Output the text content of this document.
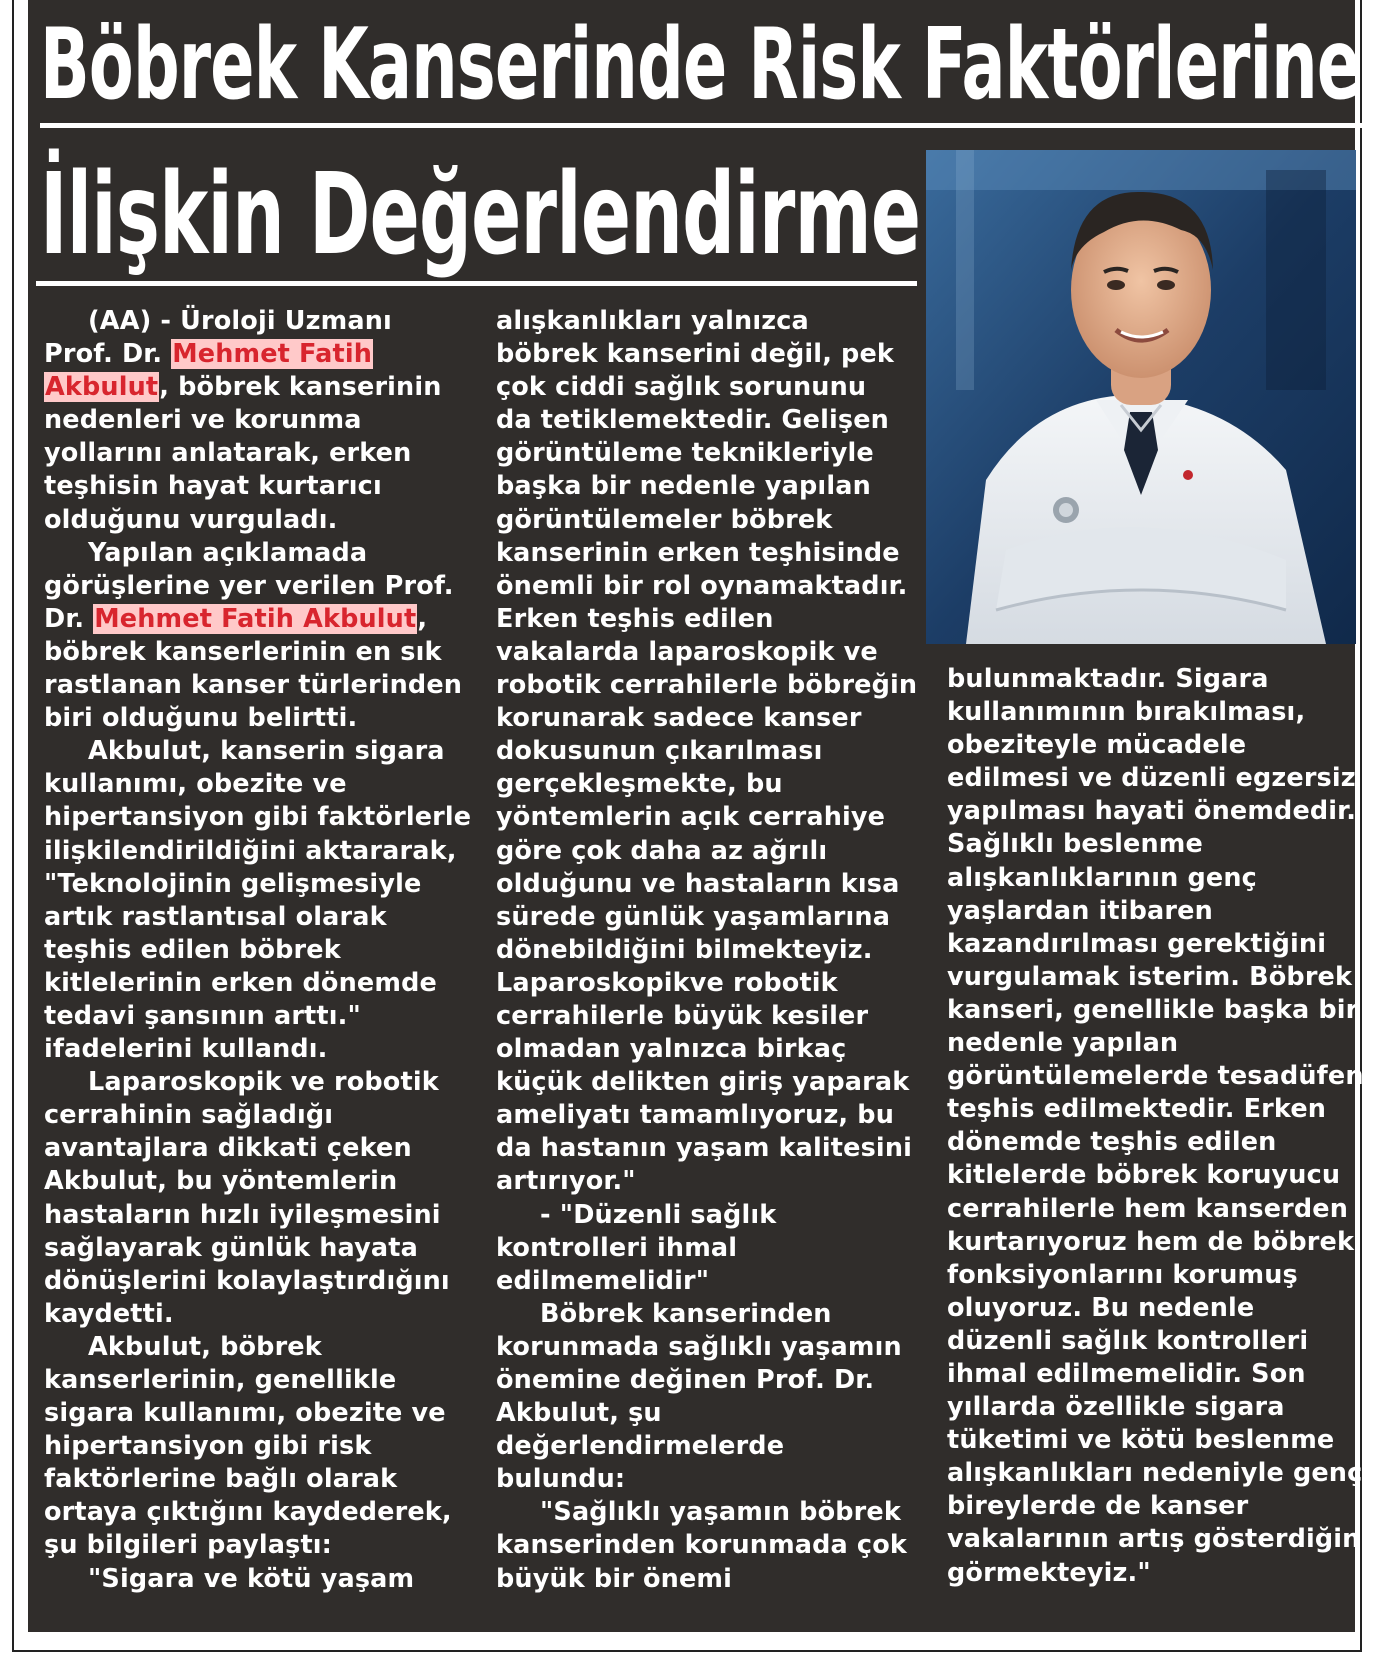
Böbrek Kanserinde Risk Faktörlerine
İlişkin Değerlendirme
(AA) - Üroloji Uzmanı
Prof. Dr. Mehmet Fatih
Akbulut, böbrek kanserinin
nedenleri ve korunma
yollarını anlatarak, erken
teşhisin hayat kurtarıcı
olduğunu vurguladı.
Yapılan açıklamada
görüşlerine yer verilen Prof.
Dr. Mehmet Fatih Akbulut,
böbrek kanserlerinin en sık
rastlanan kanser türlerinden
biri olduğunu belirtti.
Akbulut, kanserin sigara
kullanımı, obezite ve
hipertansiyon gibi faktörlerle
ilişkilendirildiğini aktararak,
"Teknolojinin gelişmesiyle
artık rastlantısal olarak
teşhis edilen böbrek
kitlelerinin erken dönemde
tedavi şansının arttı."
ifadelerini kullandı.
Laparoskopik ve robotik
cerrahinin sağladığı
avantajlara dikkati çeken
Akbulut, bu yöntemlerin
hastaların hızlı iyileşmesini
sağlayarak günlük hayata
dönüşlerini kolaylaştırdığını
kaydetti.
Akbulut, böbrek
kanserlerinin, genellikle
sigara kullanımı, obezite ve
hipertansiyon gibi risk
faktörlerine bağlı olarak
ortaya çıktığını kaydederek,
şu bilgileri paylaştı:
"Sigara ve kötü yaşam
alışkanlıkları yalnızca
böbrek kanserini değil, pek
çok ciddi sağlık sorununu
da tetiklemektedir. Gelişen
görüntüleme teknikleriyle
başka bir nedenle yapılan
görüntülemeler böbrek
kanserinin erken teşhisinde
önemli bir rol oynamaktadır.
Erken teşhis edilen
vakalarda laparoskopik ve
robotik cerrahilerle böbreğin
korunarak sadece kanser
dokusunun çıkarılması
gerçekleşmekte, bu
yöntemlerin açık cerrahiye
göre çok daha az ağrılı
olduğunu ve hastaların kısa
sürede günlük yaşamlarına
dönebildiğini bilmekteyiz.
Laparoskopikve robotik
cerrahilerle büyük kesiler
olmadan yalnızca birkaç
küçük delikten giriş yaparak
ameliyatı tamamlıyoruz, bu
da hastanın yaşam kalitesini
artırıyor."
- "Düzenli sağlık
kontrolleri ihmal
edilmemelidir"
Böbrek kanserinden
korunmada sağlıklı yaşamın
önemine değinen Prof. Dr.
Akbulut, şu
değerlendirmelerde
bulundu:
"Sağlıklı yaşamın böbrek
kanserinden korunmada çok
büyük bir önemi
bulunmaktadır. Sigara
kullanımının bırakılması,
obeziteyle mücadele
edilmesi ve düzenli egzersiz
yapılması hayati önemdedir.
Sağlıklı beslenme
alışkanlıklarının genç
yaşlardan itibaren
kazandırılması gerektiğini
vurgulamak isterim. Böbrek
kanseri, genellikle başka bir
nedenle yapılan
görüntülemelerde tesadüfen
teşhis edilmektedir. Erken
dönemde teşhis edilen
kitlelerde böbrek koruyucu
cerrahilerle hem kanserden
kurtarıyoruz hem de böbrek
fonksiyonlarını korumuş
oluyoruz. Bu nedenle
düzenli sağlık kontrolleri
ihmal edilmemelidir. Son
yıllarda özellikle sigara
tüketimi ve kötü beslenme
alışkanlıkları nedeniyle genç
bireylerde de kanser
vakalarının artış gösterdiğini
görmekteyiz."
